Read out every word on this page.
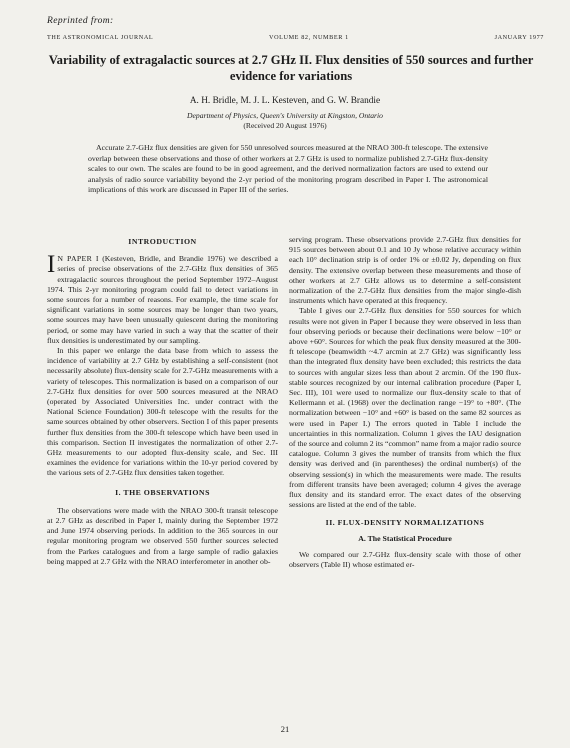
Reprinted from:
THE ASTRONOMICAL JOURNAL	VOLUME 82, NUMBER 1	JANUARY 1977
Variability of extragalactic sources at 2.7 GHz II. Flux densities of 550 sources and further evidence for variations
A. H. Bridle, M. J. L. Kesteven, and G. W. Brandie
Department of Physics, Queen's University at Kingston, Ontario
(Received 20 August 1976)

Accurate 2.7-GHz flux densities are given for 550 unresolved sources measured at the NRAO 300-ft telescope. The extensive overlap between these observations and those of other workers at 2.7 GHz is used to normalize published 2.7-GHz flux-density scales to our own. The scales are found to be in good agreement, and the derived normalization factors are used to extend our analysis of radio source variability beyond the 2-yr period of the monitoring program described in Paper I. The astronomical implications of this work are discussed in Paper III of the series.

INTRODUCTION

I N PAPER I (Kesteven, Bridle, and Brandie 1976) we described a series of precise observations of the 2.7-GHz flux densities of 365 extragalactic sources throughout the period September 1972–August 1974. This 2-yr monitoring program could fail to detect variations in some sources for a number of reasons. For example, the time scale for significant variations in some sources may be longer than two years, some sources may have been unusually quiescent during the monitoring period, or some may have varied in such a way that the scatter of their flux densities is underestimated by our sampling.

In this paper we enlarge the data base from which to assess the incidence of variability at 2.7 GHz by establishing a self-consistent (not necessarily absolute) flux-density scale for 2.7-GHz measurements with a variety of telescopes. This normalization is based on a comparison of our 2.7-GHz flux densities for over 500 sources measured at the NRAO (operated by Associated Universities Inc. under contract with the National Science Foundation) 300-ft telescope with the results for the same sources obtained by other observers. Section I of this paper presents further flux densities from the 300-ft telescope which have been used in this comparison. Section II investigates the normalization of other 2.7-GHz measurements to our adopted flux-density scale, and Sec. III examines the evidence for variations within the 10-yr period covered by the various sets of 2.7-GHz flux densities taken together.

I. THE OBSERVATIONS

The observations were made with the NRAO 300-ft transit telescope at 2.7 GHz as described in Paper I, mainly during the September 1972 and June 1974 observing periods. In addition to the 365 sources in our regular monitoring program we observed 550 further sources selected from the Parkes catalogues and from a large sample of radio galaxies being mapped at 2.7 GHz with the NRAO interferometer in another ob-

serving program. These observations provide 2.7-GHz flux densities for 915 sources between about 0.1 and 10 Jy whose relative accuracy within each 10° declination strip is of order 1% or ±0.02 Jy, depending on flux density. The extensive overlap between these measurements and those of other workers at 2.7 GHz allows us to determine a self-consistent normalization of the 2.7-GHz flux densities from the major single-dish instruments which have operated at this frequency.

Table I gives our 2.7-GHz flux densities for 550 sources for which results were not given in Paper I because they were observed in less than four observing periods or because their declinations were below −10° or above +60°. Sources for which the peak flux density measured at the 300-ft telescope (beamwidth ~4.7 arcmin at 2.7 GHz) was significantly less than the integrated flux density have been excluded; this restricts the data to sources with angular sizes less than about 2 arcmin. Of the 190 flux-stable sources recognized by our internal calibration procedure (Paper I, Sec. III), 101 were used to normalize our flux-density scale to that of Kellermann et al. (1968) over the declination range −19° to +80°. (The normalization between −10° and +60° is based on the same 82 sources as were used in Paper I.) The errors quoted in Table I include the uncertainties in this normalization. Column 1 gives the IAU designation of the source and column 2 its “common” name from a major radio source catalogue. Column 3 gives the number of transits from which the flux density was derived and (in parentheses) the ordinal number(s) of the observing session(s) in which the measurements were made. The results from different transits have been averaged; column 4 gives the average flux density and its standard error. The exact dates of the observing sessions are listed at the end of the table.

II. FLUX-DENSITY NORMALIZATIONS
A. The Statistical Procedure

We compared our 2.7-GHz flux-density scale with those of other observers (Table II) whose estimated er-

21
